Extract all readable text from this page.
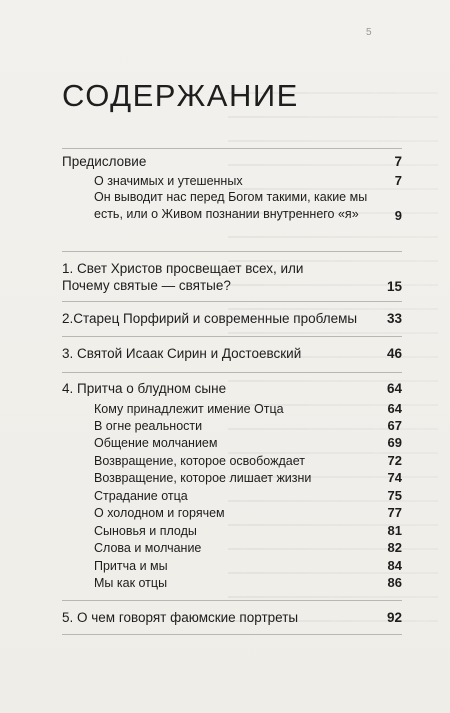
5
СОДЕРЖАНИЕ
Предисловие	7
О значимых и утешенных	7
Он выводит нас перед Богом такими, какие мы есть, или о Живом познании внутреннего «я»	9
1. Свет Христов просвещает всех, или Почему святые — святые?	15
2.Старец Порфирий и современные проблемы 33
3. Святой Исаак Сирин и Достоевский	46
4. Притча о блудном сыне	64
Кому принадлежит имение Отца	64
В огне реальности	67
Общение молчанием	69
Возвращение, которое освобождает	72
Возвращение, которое лишает жизни	74
Страдание отца	75
О холодном и горячем	77
Сыновья и плоды	81
Слова и молчание	82
Притча и мы	84
Мы как отцы	86
5. О чем говорят фаюмские портреты	92
